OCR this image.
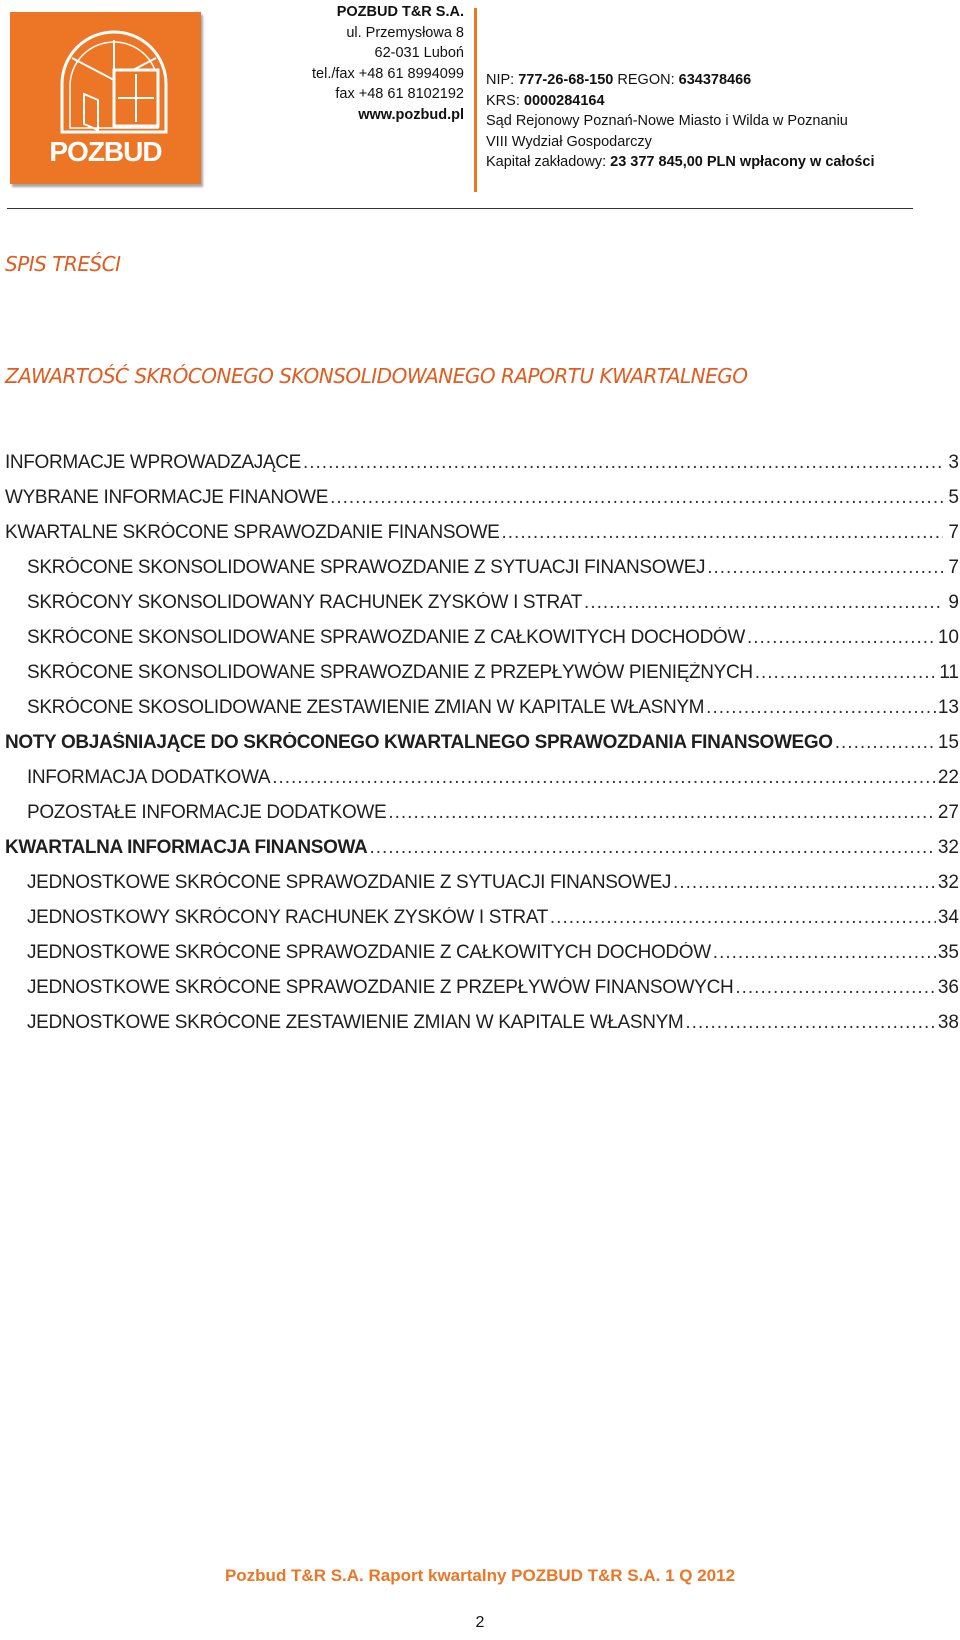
POZBUD
POZBUD T&R S.A.
ul. Przemysłowa 8
62-031 Luboń
tel./fax +48 61 8994099
fax +48 61 8102192
www.pozbud.pl
NIP: 777-26-68-150 REGON: 634378466
KRS: 0000284164
Sąd Rejonowy Poznań-Nowe Miasto i Wilda w Poznaniu
VIII Wydział Gospodarczy
Kapitał zakładowy: 23 377 845,00 PLN wpłacony w całości
SPIS TREŚCI
ZAWARTOŚĆ SKRÓCONEGO SKONSOLIDOWANEGO RAPORTU KWARTALNEGO
INFORMACJE WPROWADZAJĄCE .....	3
WYBRANE INFORMACJE FINANOWE .....	5
KWARTALNE SKRÓCONE SPRAWOZDANIE FINANSOWE .....	7
SKRÓCONE SKONSOLIDOWANE SPRAWOZDANIE Z SYTUACJI FINANSOWEJ .....	7
SKRÓCONY SKONSOLIDOWANY RACHUNEK ZYSKÓW I STRAT .....	9
SKRÓCONE SKONSOLIDOWANE SPRAWOZDANIE Z CAŁKOWITYCH DOCHODÓW .....	10
SKRÓCONE SKONSOLIDOWANE SPRAWOZDANIE Z PRZEPŁYWÓW PIENIĘŻNYCH .....	11
SKRÓCONE SKOSOLIDOWANE ZESTAWIENIE ZMIAN W KAPITALE WŁASNYM .....	13
NOTY OBJAŚNIAJĄCE DO SKRÓCONEGO KWARTALNEGO SPRAWOZDANIA FINANSOWEGO .....	15
INFORMACJA DODATKOWA .....	22
POZOSTAŁE INFORMACJE DODATKOWE .....	27
KWARTALNA INFORMACJA FINANSOWA .....	32
JEDNOSTKOWE SKRÓCONE SPRAWOZDANIE Z SYTUACJI FINANSOWEJ .....	32
JEDNOSTKOWY SKRÓCONY RACHUNEK ZYSKÓW I STRAT .....	34
JEDNOSTKOWE SKRÓCONE SPRAWOZDANIE Z CAŁKOWITYCH DOCHODÓW .....	35
JEDNOSTKOWE SKRÓCONE SPRAWOZDANIE Z PRZEPŁYWÓW FINANSOWYCH .....	36
JEDNOSTKOWE SKRÓCONE ZESTAWIENIE ZMIAN W KAPITALE WŁASNYM .....	38
Pozbud T&R S.A. Raport kwartalny POZBUD T&R S.A. 1 Q 2012
2
